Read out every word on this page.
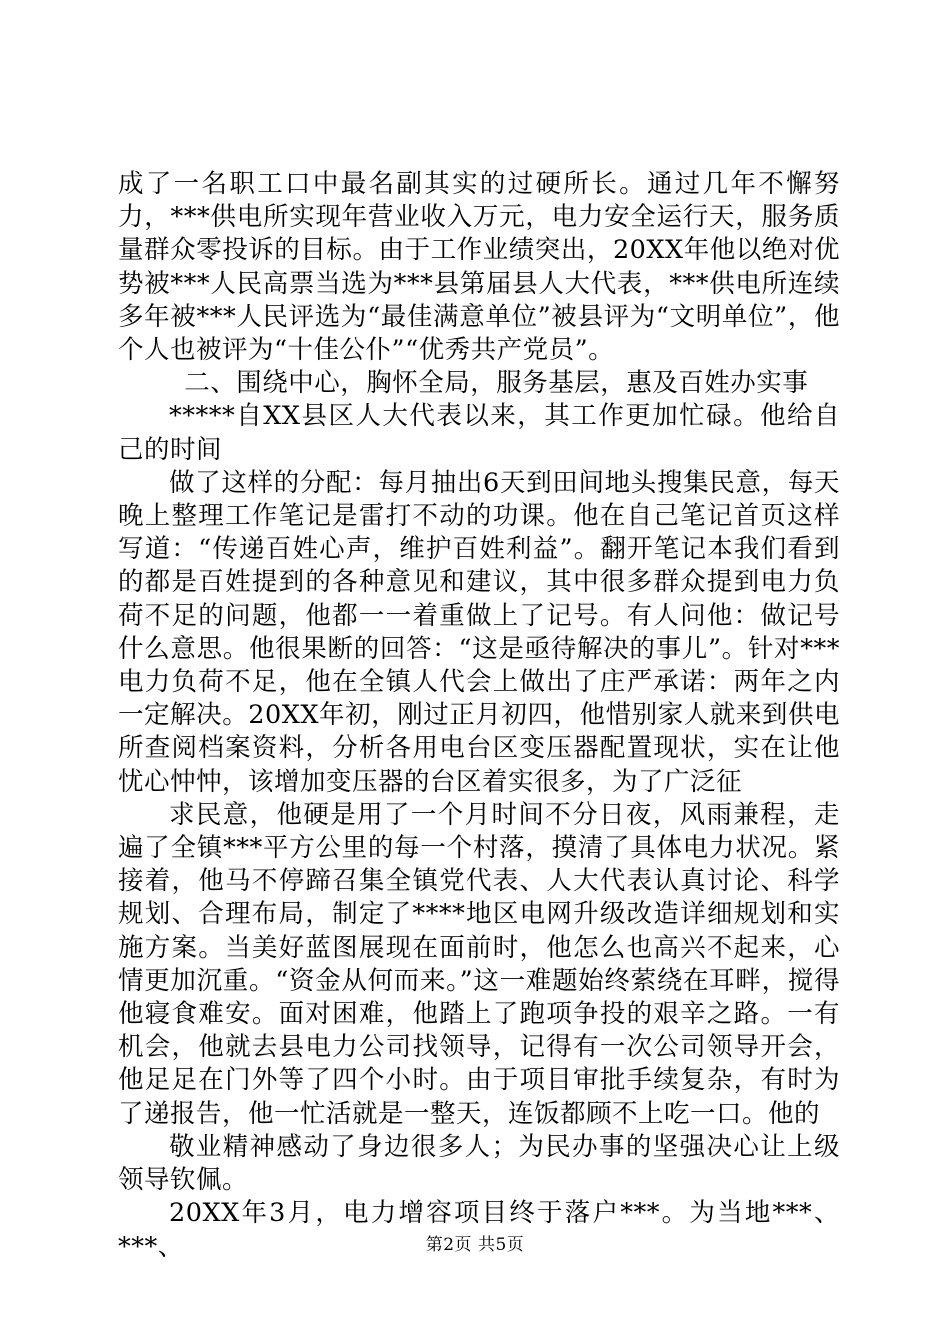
成了一名职工口中最名副其实的过硬所长。通过几年不懈努力，***供电所实现年营业收入万元，电力安全运行天，服务质量群众零投诉的目标。由于工作业绩突出，20XX年他以绝对优势被***人民高票当选为***县第届县人大代表，***供电所连续多年被***人民评选为“最佳满意单位”被县评为“文明单位”，他个人也被评为“十佳公仆”“优秀共产党员”。

二、围绕中心，胸怀全局，服务基层，惠及百姓办实事

*****自XX县区人大代表以来，其工作更加忙碌。他给自己的时间

做了这样的分配：每月抽出6天到田间地头搜集民意，每天晚上整理工作笔记是雷打不动的功课。他在自己笔记首页这样写道：“传递百姓心声，维护百姓利益”。翻开笔记本我们看到的都是百姓提到的各种意见和建议，其中很多群众提到电力负荷不足的问题，他都一一着重做上了记号。有人问他：做记号什么意思。他很果断的回答：“这是亟待解决的事儿”。针对***电力负荷不足，他在全镇人代会上做出了庄严承诺：两年之内一定解决。20XX年初，刚过正月初四，他惜别家人就来到供电所查阅档案资料，分析各用电台区变压器配置现状，实在让他忧心忡忡，该增加变压器的台区着实很多，为了广泛征

求民意，他硬是用了一个月时间不分日夜，风雨兼程，走遍了全镇***平方公里的每一个村落，摸清了具体电力状况。紧接着，他马不停蹄召集全镇党代表、人大代表认真讨论、科学规划、合理布局，制定了****地区电网升级改造详细规划和实施方案。当美好蓝图展现在面前时，他怎么也高兴不起来，心情更加沉重。“资金从何而来。”这一难题始终萦绕在耳畔，搅得他寝食难安。面对困难，他踏上了跑项争投的艰辛之路。一有机会，他就去县电力公司找领导，记得有一次公司领导开会，他足足在门外等了四个小时。由于项目审批手续复杂，有时为了递报告，他一忙活就是一整天，连饭都顾不上吃一口。他的

敬业精神感动了身边很多人；为民办事的坚强决心让上级领导钦佩。

20XX年3月，电力增容项目终于落户***。为当地***、***、	第2页 共5页
